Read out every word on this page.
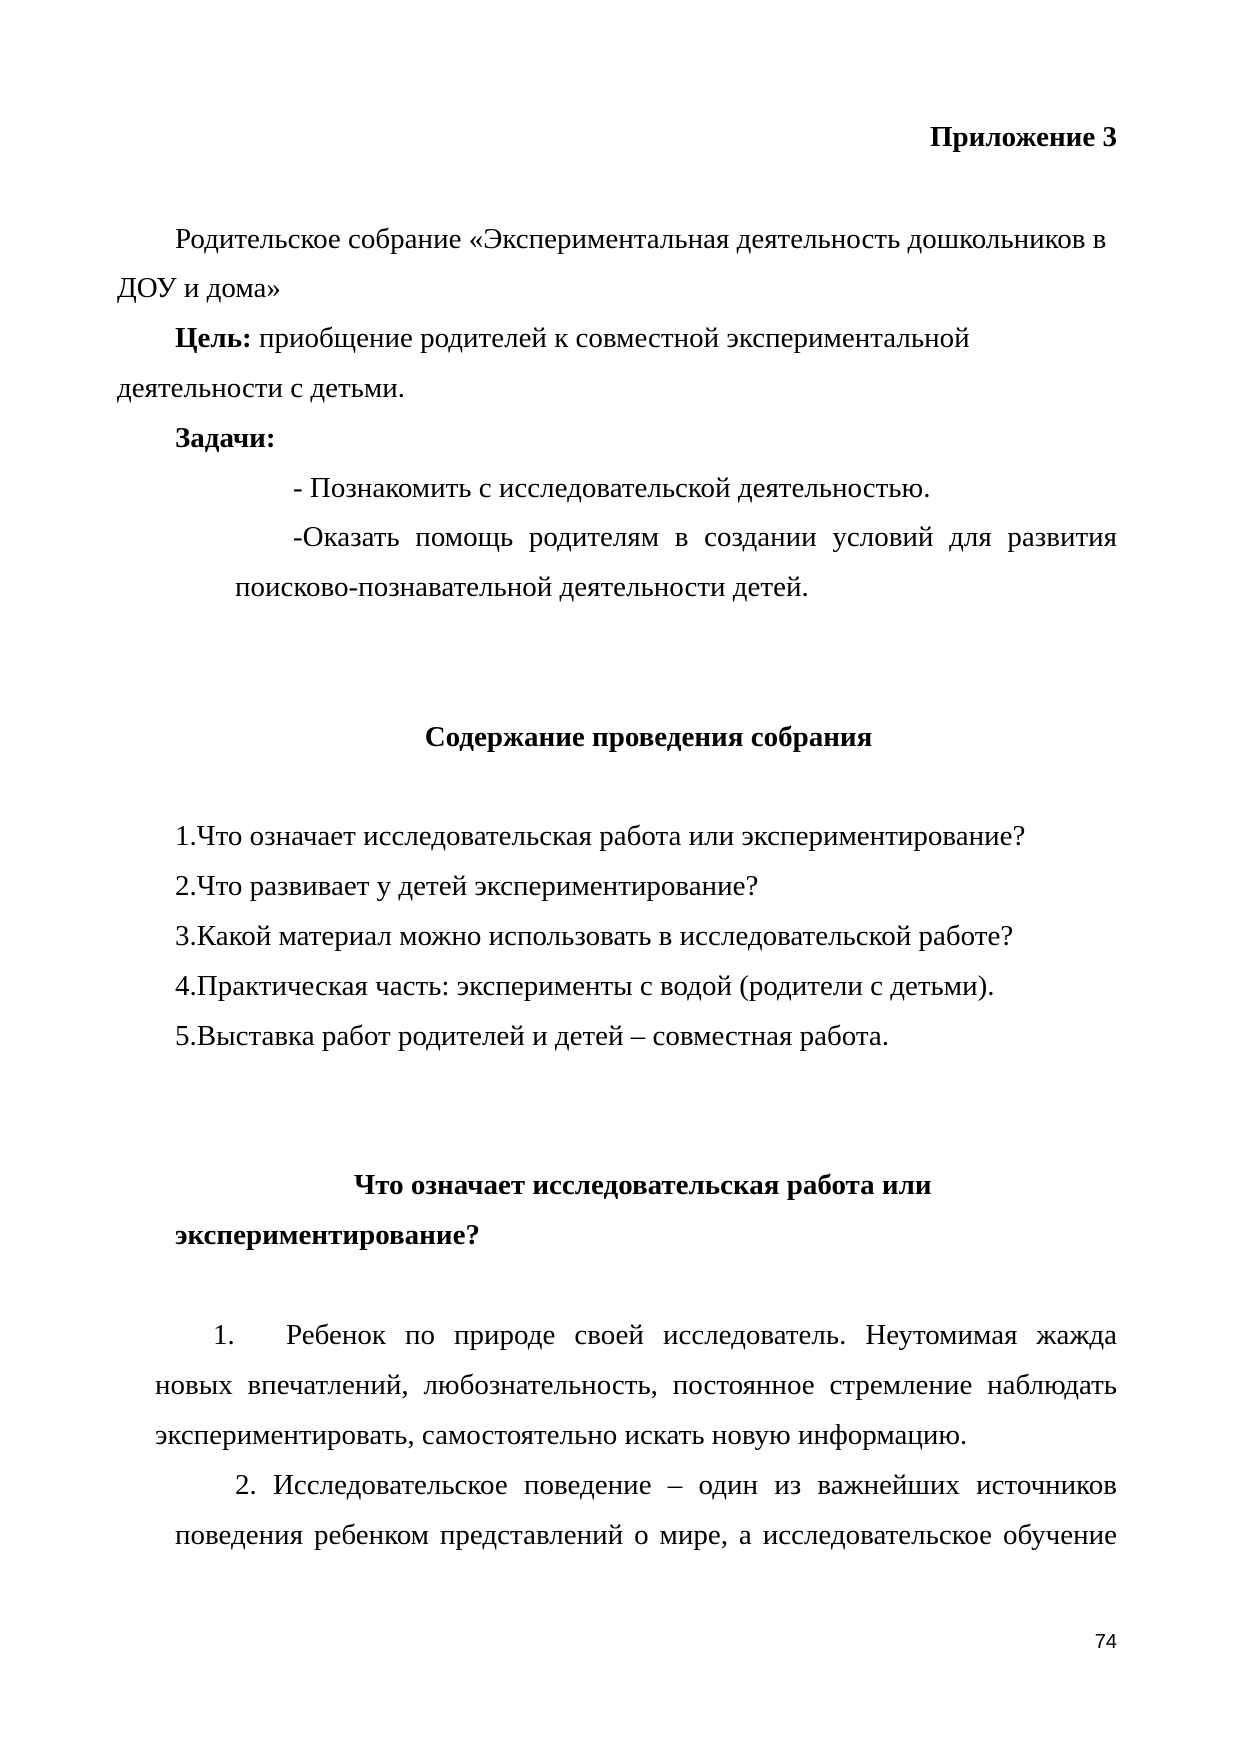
Приложение 3

Родительское собрание «Экспериментальная деятельность дошкольников в

ДОУ и дома»

Цель: приобщение родителей к совместной экспериментальной

деятельности с детьми.

Задачи:

- Познакомить с исследовательской деятельностью.

-Оказать помощь родителям в создании условий для развития

поисково-познавательной деятельности детей.

Содержание проведения собрания

1.Что означает исследовательская работа или экспериментирование?

2.Что развивает у детей экспериментирование?

3.Какой материал можно использовать в исследовательской работе?

4.Практическая часть: эксперименты с водой (родители с детьми).

5.Выставка работ родителей и детей – совместная работа.

Что означает исследовательская работа или

экспериментирование?

1. Ребенок по природе своей исследователь. Неутомимая жажда

новых впечатлений, любознательность, постоянное стремление наблюдать

экспериментировать, самостоятельно искать новую информацию.

2. Исследовательское поведение – один из важнейших источников

поведения ребенком представлений о мире, а исследовательское обучение

74
